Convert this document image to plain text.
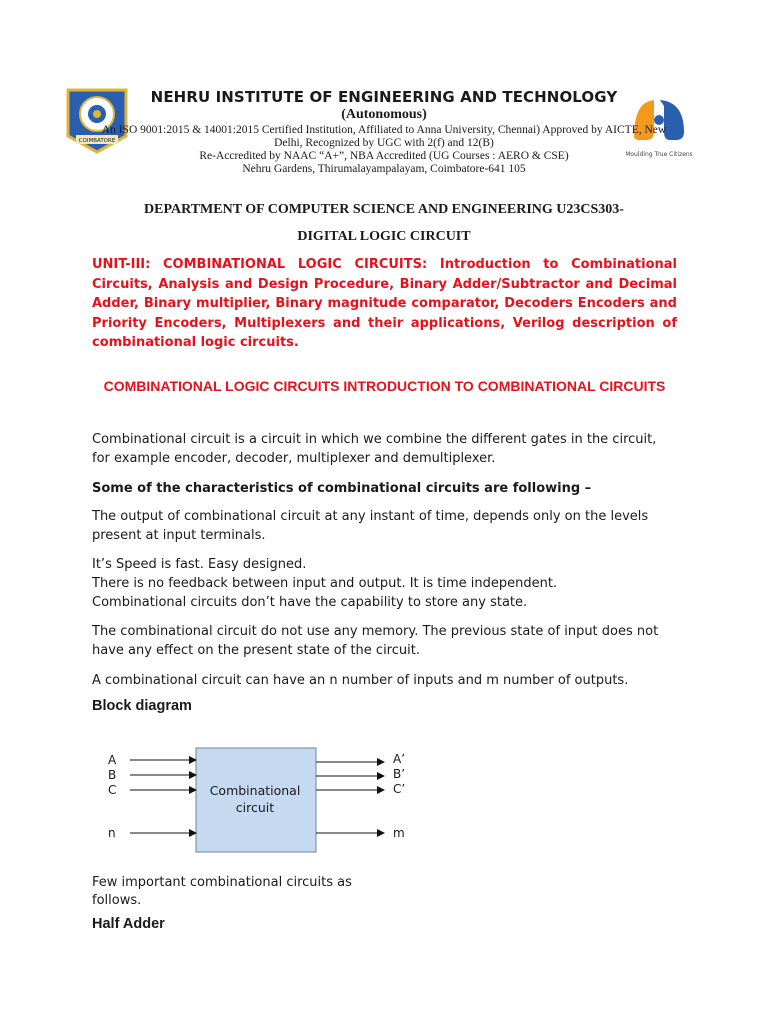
COIMBATORE
Moulding True Citizens
NEHRU INSTITUTE OF ENGINEERING AND TECHNOLOGY
(Autonomous)
An ISO 9001:2015 & 14001:2015 Certified Institution, Affiliated to Anna University, Chennai) Approved by AICTE, New
Delhi, Recognized by UGC with 2(f) and 12(B)
Re-Accredited by NAAC “A+”, NBA Accredited (UG Courses : AERO & CSE)
Nehru Gardens, Thirumalayampalayam, Coimbatore-641 105
DEPARTMENT OF COMPUTER SCIENCE AND ENGINEERING U23CS303-
DIGITAL LOGIC CIRCUIT
UNIT-III: COMBINATIONAL LOGIC CIRCUITS: Introduction to Combinational Circuits, Analysis and Design Procedure, Binary Adder/Subtractor and Decimal Adder, Binary multiplier, Binary magnitude comparator, Decoders Encoders and Priority Encoders, Multiplexers and their applications, Verilog description of combinational logic circuits.
COMBINATIONAL LOGIC CIRCUITS INTRODUCTION TO COMBINATIONAL CIRCUITS
Combinational circuit is a circuit in which we combine the different gates in the circuit, for example encoder, decoder, multiplexer and demultiplexer.
Some of the characteristics of combinational circuits are following –
The output of combinational circuit at any instant of time, depends only on the levels present at input terminals.
It’s Speed is fast. Easy designed.
There is no feedback between input and output. It is time independent.
Combinational circuits don’t have the capability to store any state.
The combinational circuit do not use any memory. The previous state of input does not have any effect on the present state of the circuit.
A combinational circuit can have an n number of inputs and m number of outputs.
Block diagram
Combinational
circuit
A
B
C
n
A’
B’
C’
m
Few important combinational circuits as follows.
Half Adder
